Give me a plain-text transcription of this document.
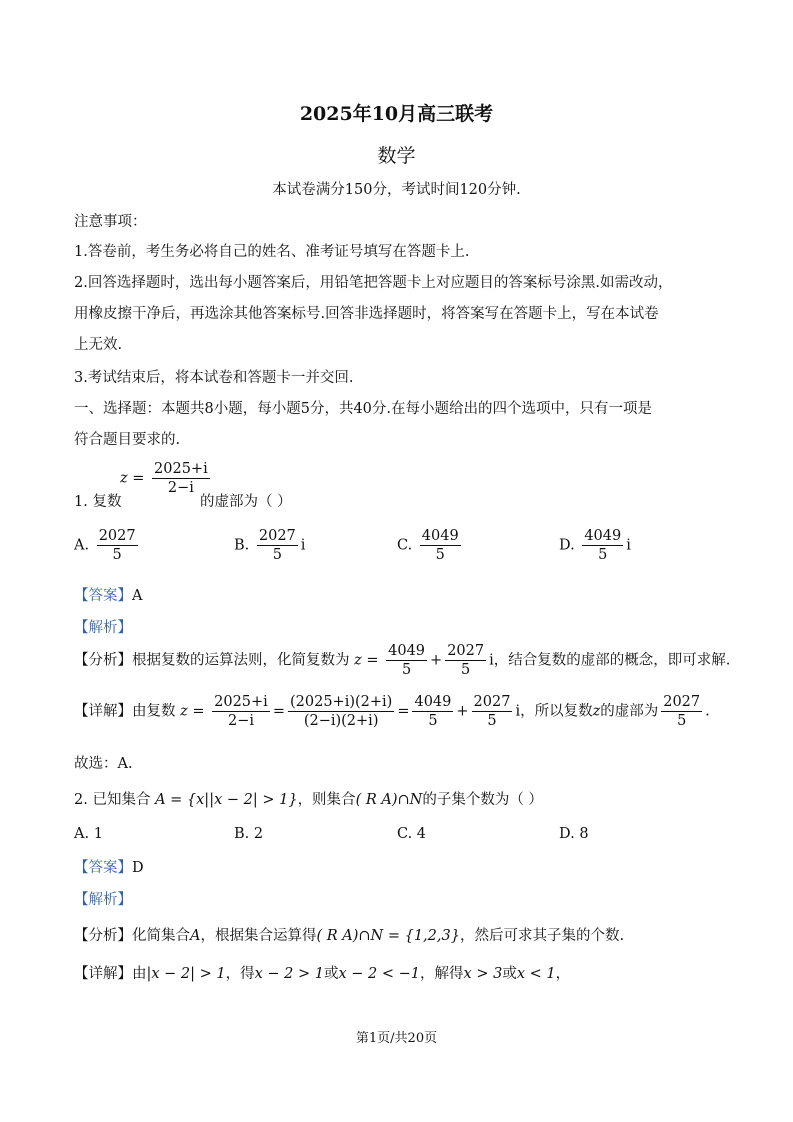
2025年10月高三联考
数学
本试卷满分150分，考试时间120分钟.
注意事项：
1.答卷前，考生务必将自己的姓名、准考证号填写在答题卡上.
2.回答选择题时，选出每小题答案后，用铅笔把答题卡上对应题目的答案标号涂黑.如需改动，
用橡皮擦干净后，再选涂其他答案标号.回答非选择题时，将答案写在答题卡上，写在本试卷
上无效.
3.考试结束后，将本试卷和答题卡一并交回.
一、选择题：本题共8小题，每小题5分，共40分.在每小题给出的四个选项中，只有一项是
符合题目要求的.
$z = \frac{2025+i}{2-i}$
1. 复数	的虚部为（ ）
A. $\frac{2027}{5}$	B. $\frac{2027}{5}$ i	C. $\frac{4049}{5}$	D. $\frac{4049}{5}$ i
【答案】A
【解析】
【分析】根据复数的运算法则，化简复数为 $z = \frac{4049}{5} + \frac{2027}{5}$ i，结合复数的虚部的概念，即可求解.
【详解】由复数 $z = \frac{2025+i}{2-i} = \frac{(2025+i)(2+i)}{(2-i)(2+i)} = \frac{4049}{5} + \frac{2027}{5}$ i，所以复数z的虚部为 $\frac{2027}{5}$ .
故选：A.
2. 已知集合 A = {x||x − 2| > 1}，则集合( R A)∩N的子集个数为（ ）
A. 1	B. 2	C. 4	D. 8
【答案】D
【解析】
【分析】化简集合A，根据集合运算得( R A)∩N = {1,2,3}，然后可求其子集的个数.
【详解】由|x − 2| > 1，得x − 2 > 1或x − 2 < −1，解得x > 3或x < 1，
第1页/共20页
